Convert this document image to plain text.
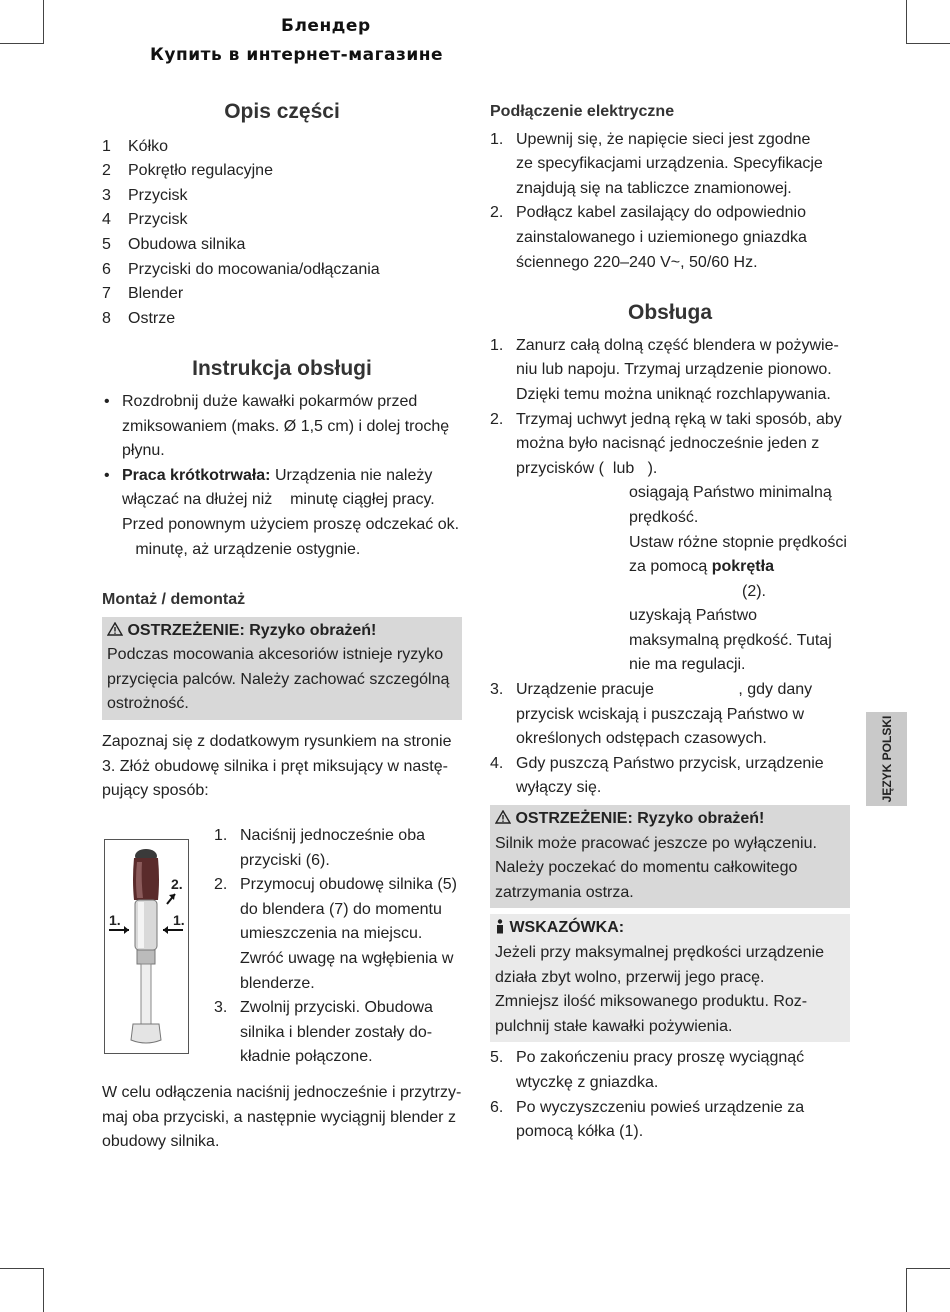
Блендер
Купить в интернет-магазине
Opis części
1	Kółko
2	Pokrętło regulacyjne
3	Przycisk
4	Przycisk
5	Obudowa silnika
6	Przyciski do mocowania/odłączania
7	Blender
8	Ostrze
Instrukcja obsługi
• Rozdrobnij duże kawałki pokarmów przed
zmiksowaniem (maks. Ø 1,5 cm) i dolej trochę
płynu.
• Praca krótkotrwała: Urządzenia nie należy
włączać na dłużej niż    minutę ciągłej pracy.
Przed ponownym użyciem proszę odczekać ok.
minutę, aż urządzenie ostygnie.
Montaż / demontaż
OSTRZEŻENIE: Ryzyko obrażeń!
Podczas mocowania akcesoriów istnieje ryzyko
przycięcia palców. Należy zachować szczególną
ostrożność.
Zapoznaj się z dodatkowym rysunkiem na stronie
3. Złóż obudowę silnika i pręt miksujący w nastę-
pujący sposób:
2.
1.	1.
1. Naciśnij jednocześnie oba
przyciski (6).
2. Przymocuj obudowę silnika (5)
do blendera (7) do momentu
umieszczenia na miejscu.
Zwróć uwagę na wgłębienia w
blenderze.
3. Zwolnij przyciski. Obudowa
silnika i blender zostały do-
kładnie połączone.
W celu odłączenia naciśnij jednocześnie i przytrzy-
maj oba przyciski, a następnie wyciągnij blender z
obudowy silnika.
Podłączenie elektryczne
1. Upewnij się, że napięcie sieci jest zgodne
ze specyfikacjami urządzenia. Specyfikacje
znajdują się na tabliczce znamionowej.
2. Podłącz kabel zasilający do odpowiednio
zainstalowanego i uziemionego gniazdka
ściennego 220–240 V~, 50/60 Hz.
Obsługa
1. Zanurz całą dolną część blendera w pożywie-
niu lub napoju. Trzymaj urządzenie pionowo.
Dzięki temu można uniknąć rozchlapywania.
2. Trzymaj uchwyt jedną ręką w taki sposób, aby
można było nacisnąć jednocześnie jeden z
przycisków (  lub   ).
osiągają Państwo minimalną
prędkość.
Ustaw różne stopnie prędkości
za pomocą pokrętła
(2).
uzyskają Państwo
maksymalną prędkość. Tutaj
nie ma regulacji.
3. Urządzenie pracuje                   , gdy dany
przycisk wciskają i puszczają Państwo w
określonych odstępach czasowych.
4. Gdy puszczą Państwo przycisk, urządzenie
wyłączy się.
OSTRZEŻENIE: Ryzyko obrażeń!
Silnik może pracować jeszcze po wyłączeniu.
Należy poczekać do momentu całkowitego
zatrzymania ostrza.
WSKAZÓWKA:
Jeżeli przy maksymalnej prędkości urządzenie
działa zbyt wolno, przerwij jego pracę.
Zmniejsz ilość miksowanego produktu. Roz-
pulchnij stałe kawałki pożywienia.
5. Po zakończeniu pracy proszę wyciągnąć
wtyczkę z gniazdka.
6. Po wyczyszczeniu powieś urządzenie za
pomocą kółka (1).
JĘZYK POLSKI
